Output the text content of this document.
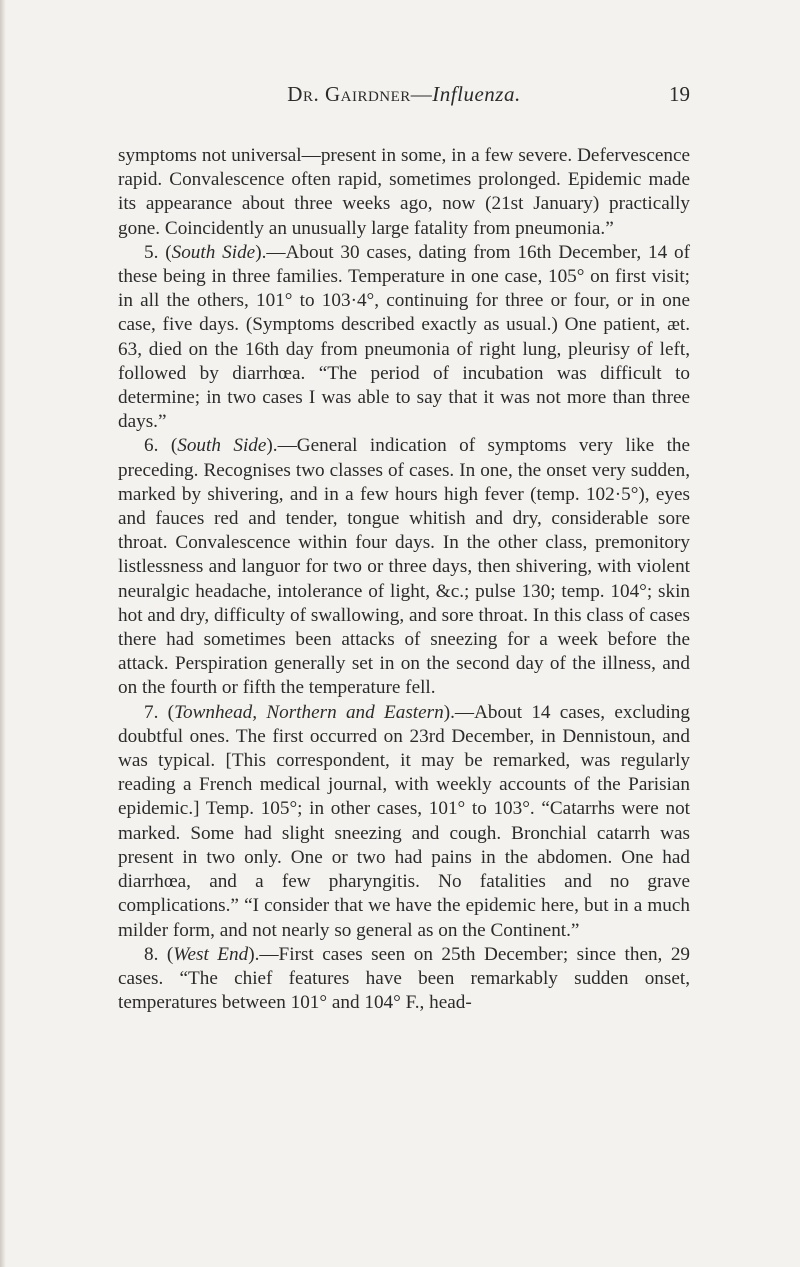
Dr. Gairdner—Influenza.	19

symptoms not universal—present in some, in a few severe. Defervescence rapid. Convalescence often rapid, sometimes prolonged. Epidemic made its appearance about three weeks ago, now (21st January) practically gone. Coincidently an unusually large fatality from pneumonia.”

5. (South Side).—About 30 cases, dating from 16th December, 14 of these being in three families. Temperature in one case, 105° on first visit; in all the others, 101° to 103·4°, continuing for three or four, or in one case, five days. (Symptoms described exactly as usual.) One patient, æt. 63, died on the 16th day from pneumonia of right lung, pleurisy of left, followed by diarrhœa. “The period of incubation was difficult to determine; in two cases I was able to say that it was not more than three days.”

6. (South Side).—General indication of symptoms very like the preceding. Recognises two classes of cases. In one, the onset very sudden, marked by shivering, and in a few hours high fever (temp. 102·5°), eyes and fauces red and tender, tongue whitish and dry, considerable sore throat. Convalescence within four days. In the other class, premonitory listlessness and languor for two or three days, then shivering, with violent neuralgic headache, intolerance of light, &c.; pulse 130; temp. 104°; skin hot and dry, difficulty of swallowing, and sore throat. In this class of cases there had sometimes been attacks of sneezing for a week before the attack. Perspiration generally set in on the second day of the illness, and on the fourth or fifth the temperature fell.

7. (Townhead, Northern and Eastern).—About 14 cases, excluding doubtful ones. The first occurred on 23rd December, in Dennistoun, and was typical. [This correspondent, it may be remarked, was regularly reading a French medical journal, with weekly accounts of the Parisian epidemic.] Temp. 105°; in other cases, 101° to 103°. “Catarrhs were not marked. Some had slight sneezing and cough. Bronchial catarrh was present in two only. One or two had pains in the abdomen. One had diarrhœa, and a few pharyngitis. No fatalities and no grave complications.” “I consider that we have the epidemic here, but in a much milder form, and not nearly so general as on the Continent.”

8. (West End).—First cases seen on 25th December; since then, 29 cases. “The chief features have been remarkably sudden onset, temperatures between 101° and 104° F., head-
